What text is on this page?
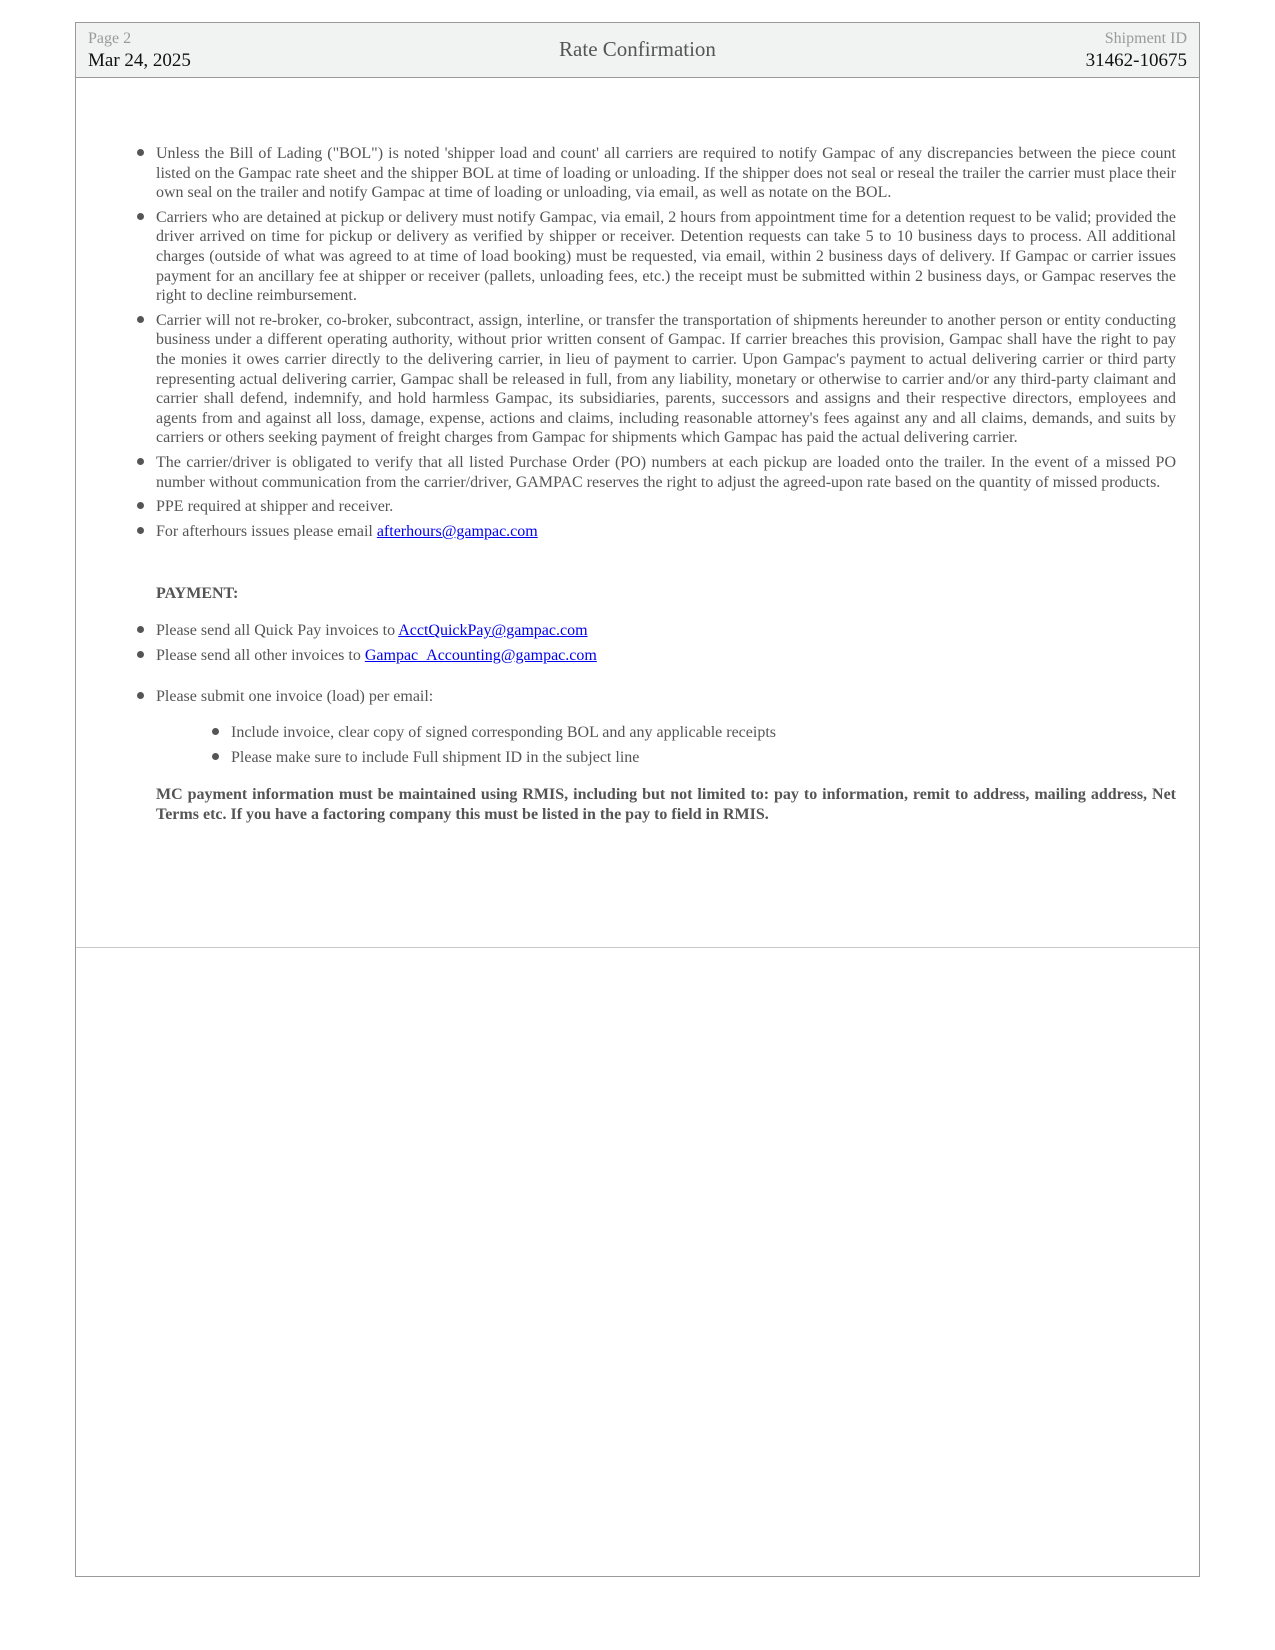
Page 2
Mar 24, 2025	Rate Confirmation	Shipment ID
31462-10675
Unless the Bill of Lading ("BOL") is noted 'shipper load and count' all carriers are required to notify Gampac of any discrepancies between the piece count listed on the Gampac rate sheet and the shipper BOL at time of loading or unloading. If the shipper does not seal or reseal the trailer the carrier must place their own seal on the trailer and notify Gampac at time of loading or unloading, via email, as well as notate on the BOL.
Carriers who are detained at pickup or delivery must notify Gampac, via email, 2 hours from appointment time for a detention request to be valid; provided the driver arrived on time for pickup or delivery as verified by shipper or receiver. Detention requests can take 5 to 10 business days to process. All additional charges (outside of what was agreed to at time of load booking) must be requested, via email, within 2 business days of delivery. If Gampac or carrier issues payment for an ancillary fee at shipper or receiver (pallets, unloading fees, etc.) the receipt must be submitted within 2 business days, or Gampac reserves the right to decline reimbursement.
Carrier will not re-broker, co-broker, subcontract, assign, interline, or transfer the transportation of shipments hereunder to another person or entity conducting business under a different operating authority, without prior written consent of Gampac. If carrier breaches this provision, Gampac shall have the right to pay the monies it owes carrier directly to the delivering carrier, in lieu of payment to carrier. Upon Gampac's payment to actual delivering carrier or third party representing actual delivering carrier, Gampac shall be released in full, from any liability, monetary or otherwise to carrier and/or any third-party claimant and carrier shall defend, indemnify, and hold harmless Gampac, its subsidiaries, parents, successors and assigns and their respective directors, employees and agents from and against all loss, damage, expense, actions and claims, including reasonable attorney's fees against any and all claims, demands, and suits by carriers or others seeking payment of freight charges from Gampac for shipments which Gampac has paid the actual delivering carrier.
The carrier/driver is obligated to verify that all listed Purchase Order (PO) numbers at each pickup are loaded onto the trailer. In the event of a missed PO number without communication from the carrier/driver, GAMPAC reserves the right to adjust the agreed-upon rate based on the quantity of missed products.
PPE required at shipper and receiver.
For afterhours issues please email afterhours@gampac.com
PAYMENT:
Please send all Quick Pay invoices to AcctQuickPay@gampac.com
Please send all other invoices to Gampac_Accounting@gampac.com
Please submit one invoice (load) per email:
Include invoice, clear copy of signed corresponding BOL and any applicable receipts
Please make sure to include Full shipment ID in the subject line
MC payment information must be maintained using RMIS, including but not limited to: pay to information, remit to address, mailing address, Net Terms etc. If you have a factoring company this must be listed in the pay to field in RMIS.
